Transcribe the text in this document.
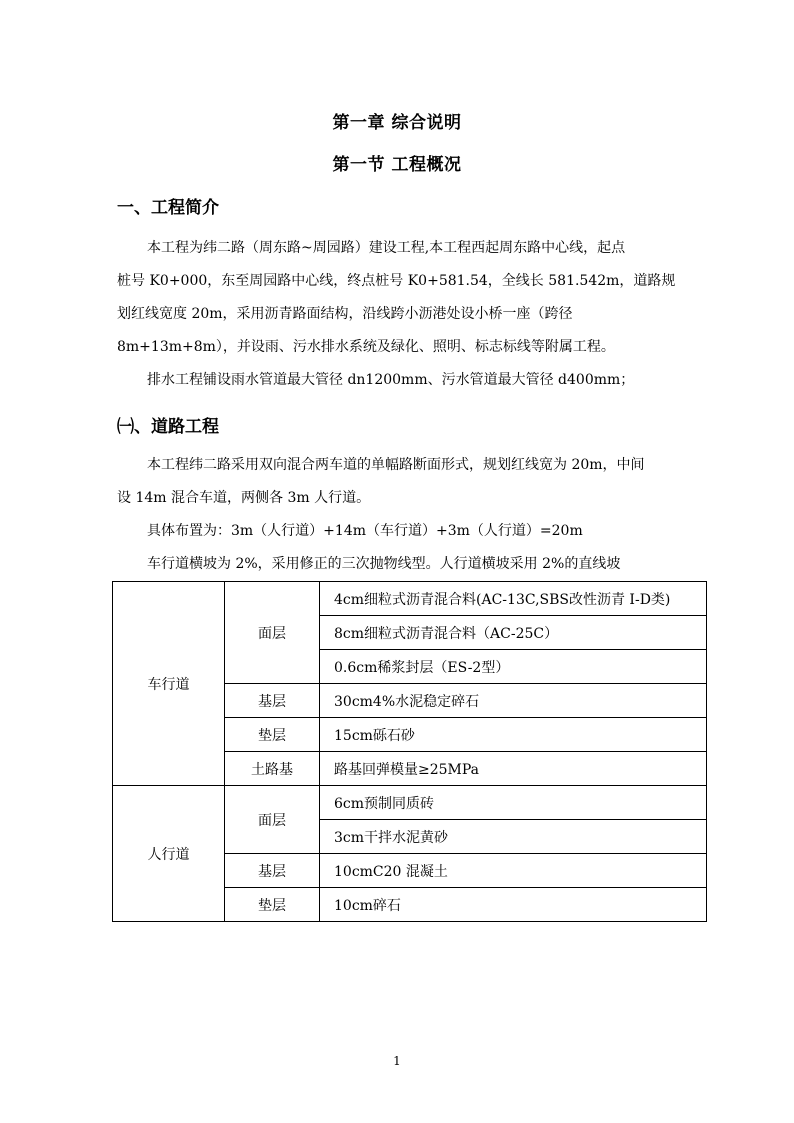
第一章 综合说明
第一节 工程概况
一、工程简介
本工程为纬二路（周东路~周园路）建设工程,本工程西起周东路中心线，起点
桩号 K0+000，东至周园路中心线，终点桩号 K0+581.54，全线长 581.542m，道路规
划红线宽度 20m，采用沥青路面结构，沿线跨小沥港处设小桥一座（跨径
8m+13m+8m），并设雨、污水排水系统及绿化、照明、标志标线等附属工程。
排水工程铺设雨水管道最大管径 dn1200mm、污水管道最大管径 d400mm；
㈠、道路工程
本工程纬二路采用双向混合两车道的单幅路断面形式，规划红线宽为 20m，中间
设 14m 混合车道，两侧各 3m 人行道。
具体布置为：3m（人行道）+14m（车行道）+3m（人行道）=20m
车行道横坡为 2%，采用修正的三次抛物线型。人行道横坡采用 2%的直线坡
车行道	面层	4cm细粒式沥青混合料(AC-13C,SBS改性沥青 I-D类)
		8cm细粒式沥青混合料（AC-25C）
		0.6cm稀浆封层（ES-2型）
	基层	30cm4%水泥稳定碎石
	垫层	15cm砾石砂
	土路基	路基回弹模量≥25MPa
人行道	面层	6cm预制同质砖
		3cm干拌水泥黄砂
	基层	10cmC20 混凝土
	垫层	10cm碎石
1
